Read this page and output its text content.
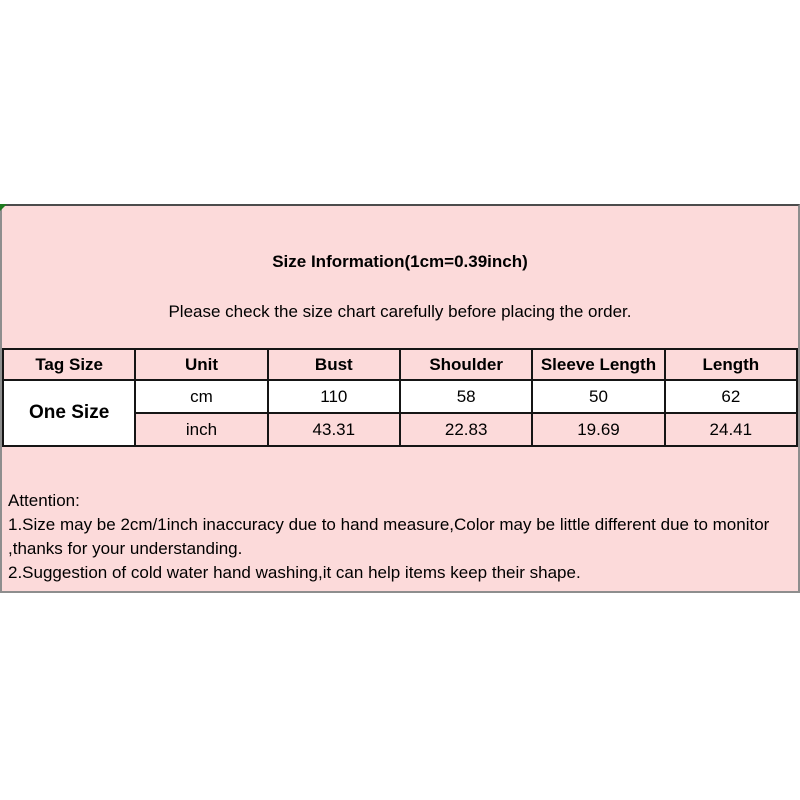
Size Information(1cm=0.39inch)
Please check the size chart carefully before placing the order.
Tag Size	Unit	Bust	Shoulder	Sleeve Length	Length
One Size	cm	110	58	50	62
	inch	43.31	22.83	19.69	24.41

Attention:

1.Size may be 2cm/1inch inaccuracy due to hand measure,Color may be little different due to monitor ,thanks for your understanding.

2.Suggestion of cold water hand washing,it can help items keep their shape.
